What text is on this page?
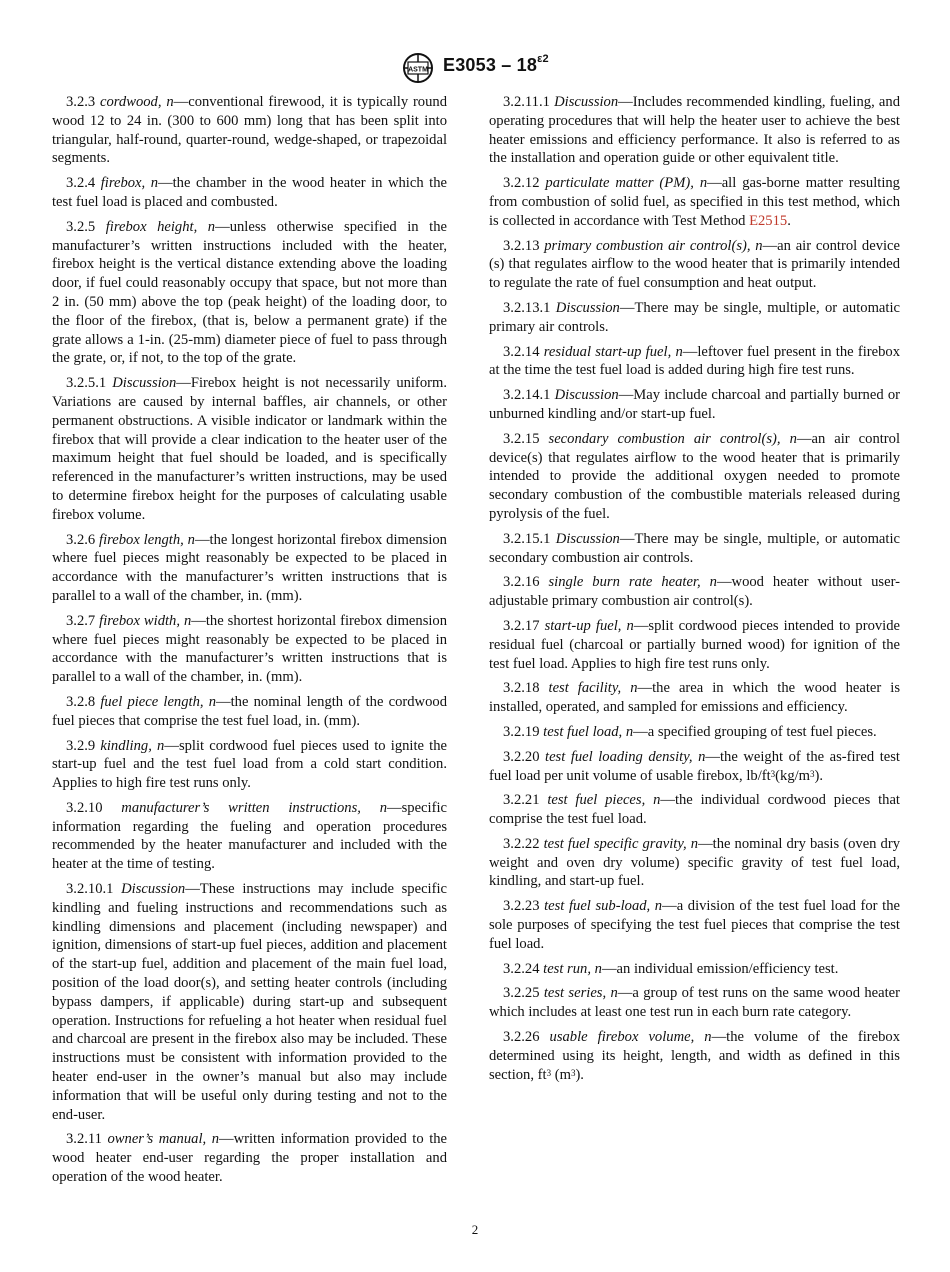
ASTM $E3053 - 18^{\varepsilon 2}$

3.2.3 cordwood, n—conventional firewood, it is typically round wood 12 to 24 in. (300 to 600 mm) long that has been split into triangular, half-round, quarter-round, wedge-shaped, or trapezoidal segments.

3.2.4 firebox, n—the chamber in the wood heater in which the test fuel load is placed and combusted.

3.2.5 firebox height, n—unless otherwise specified in the manufacturer’s written instructions included with the heater, firebox height is the vertical distance extending above the loading door, if fuel could reasonably occupy that space, but not more than 2 in. (50 mm) above the top (peak height) of the loading door, to the floor of the firebox, (that is, below a permanent grate) if the grate allows a 1-in. (25-mm) diameter piece of fuel to pass through the grate, or, if not, to the top of the grate.

3.2.5.1 Discussion—Firebox height is not necessarily uniform. Variations are caused by internal baffles, air channels, or other permanent obstructions. A visible indicator or landmark within the firebox that will provide a clear indication to the heater user of the maximum height that fuel should be loaded, and is specifically referenced in the manufacturer’s written instructions, may be used to determine firebox height for the purposes of calculating usable firebox volume.

3.2.6 firebox length, n—the longest horizontal firebox dimension where fuel pieces might reasonably be expected to be placed in accordance with the manufacturer’s written instructions that is parallel to a wall of the chamber, in. (mm).

3.2.7 firebox width, n—the shortest horizontal firebox dimension where fuel pieces might reasonably be expected to be placed in accordance with the manufacturer’s written instructions that is parallel to a wall of the chamber, in. (mm).

3.2.8 fuel piece length, n—the nominal length of the cordwood fuel pieces that comprise the test fuel load, in. (mm).

3.2.9 kindling, n—split cordwood fuel pieces used to ignite the start-up fuel and the test fuel load from a cold start condition. Applies to high fire test runs only.

3.2.10 manufacturer’s written instructions, n—specific information regarding the fueling and operation procedures recommended by the heater manufacturer and included with the heater at the time of testing.

3.2.10.1 Discussion—These instructions may include specific kindling and fueling instructions and recommendations such as kindling dimensions and placement (including newspaper) and ignition, dimensions of start-up fuel pieces, addition and placement of the start-up fuel, addition and placement of the main fuel load, position of the load door(s), and setting heater controls (including bypass dampers, if applicable) during start-up and subsequent operation. Instructions for refueling a hot heater when residual fuel and charcoal are present in the firebox also may be included. These instructions must be consistent with information provided to the heater end-user in the owner’s manual but also may include information that will be useful only during testing and not to the end-user.

3.2.11 owner’s manual, n—written information provided to the wood heater end-user regarding the proper installation and operation of the wood heater.

3.2.11.1 Discussion—Includes recommended kindling, fueling, and operating procedures that will help the heater user to achieve the best heater emissions and efficiency performance. It also is referred to as the installation and operation guide or other equivalent title.

3.2.12 particulate matter (PM), n—all gas-borne matter resulting from combustion of solid fuel, as specified in this test method, which is collected in accordance with Test Method E2515.

3.2.13 primary combustion air control(s), n—an air control device (s) that regulates airflow to the wood heater that is primarily intended to regulate the rate of fuel consumption and heat output.

3.2.13.1 Discussion—There may be single, multiple, or automatic primary air controls.

3.2.14 residual start-up fuel, n—leftover fuel present in the firebox at the time the test fuel load is added during high fire test runs.

3.2.14.1 Discussion—May include charcoal and partially burned or unburned kindling and/or start-up fuel.

3.2.15 secondary combustion air control(s), n—an air control device(s) that regulates airflow to the wood heater that is primarily intended to provide the additional oxygen needed to promote secondary combustion of the combustible materials released during pyrolysis of the fuel.

3.2.15.1 Discussion—There may be single, multiple, or automatic secondary combustion air controls.

3.2.16 single burn rate heater, n—wood heater without user-adjustable primary combustion air control(s).

3.2.17 start-up fuel, n—split cordwood pieces intended to provide residual fuel (charcoal or partially burned wood) for ignition of the test fuel load. Applies to high fire test runs only.

3.2.18 test facility, n—the area in which the wood heater is installed, operated, and sampled for emissions and efficiency.

3.2.19 test fuel load, n—a specified grouping of test fuel pieces.

3.2.20 test fuel loading density, n—the weight of the as-fired test fuel load per unit volume of usable firebox, $lb/ft^3(kg/m^3)$.

3.2.21 test fuel pieces, n—the individual cordwood pieces that comprise the test fuel load.

3.2.22 test fuel specific gravity, n—the nominal dry basis (oven dry weight and oven dry volume) specific gravity of test fuel load, kindling, and start-up fuel.

3.2.23 test fuel sub-load, n—a division of the test fuel load for the sole purposes of specifying the test fuel pieces that comprise the test fuel load.

3.2.24 test run, n—an individual emission/efficiency test.

3.2.25 test series, n—a group of test runs on the same wood heater which includes at least one test run in each burn rate category.

3.2.26 usable firebox volume, n—the volume of the firebox determined using its height, length, and width as defined in this section, $ft^3$ $(m^3)$.

2
